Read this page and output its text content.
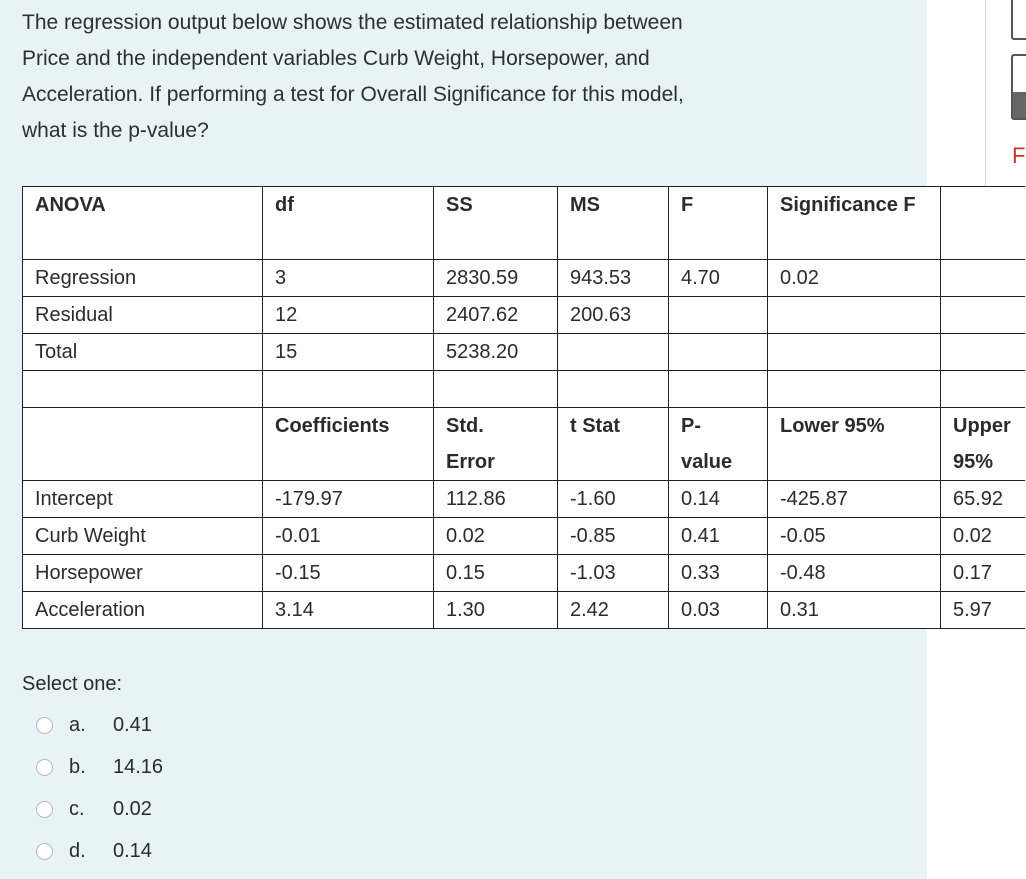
F

The regression output below shows the estimated relationship between

Price and the independent variables Curb Weight, Horsepower, and

Acceleration. If performing a test for Overall Significance for this model,

what is the p-value?

ANOVA	df	SS	MS	F	Significance F	
Regression	3	2830.59	943.53	4.70	0.02	
Residual	12	2407.62	200.63			
Total	15	5238.20				

	Coefficients	Std. Error	t Stat	P- value	Lower 95%	Upper 95%
Intercept	-179.97	112.86	-1.60	0.14	-425.87	65.92
Curb Weight	-0.01	0.02	-0.85	0.41	-0.05	0.02
Horsepower	-0.15	0.15	-1.03	0.33	-0.48	0.17
Acceleration	3.14	1.30	2.42	0.03	0.31	5.97
Select one:
a.	0.41
b.	14.16
c.	0.02
d.	0.14
